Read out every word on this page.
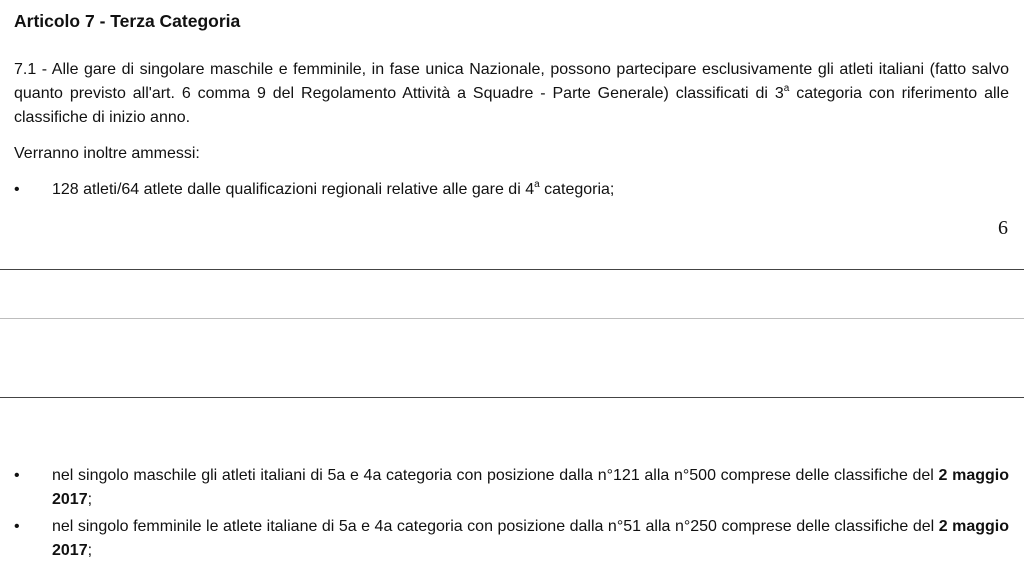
Articolo 7 - Terza Categoria
7.1 - Alle gare di singolare maschile e femminile, in fase unica Nazionale, possono partecipare esclusivamente gli atleti italiani (fatto salvo quanto previsto all'art. 6 comma 9 del Regolamento Attività a Squadre - Parte Generale) classificati di 3$^a$ categoria con riferimento alle classifiche di inizio anno.
Verranno inoltre ammessi:
•	128 atleti/64 atlete dalle qualificazioni regionali relative alle gare di 4$^a$ categoria;
6
•	nel singolo maschile gli atleti italiani di 5a e 4a categoria con posizione dalla n°121 alla n°500 comprese delle classifiche del 2 maggio 2017;
•	nel singolo femminile le atlete italiane di 5a e 4a categoria con posizione dalla n°51 alla n°250 comprese delle classifiche del 2 maggio 2017;
